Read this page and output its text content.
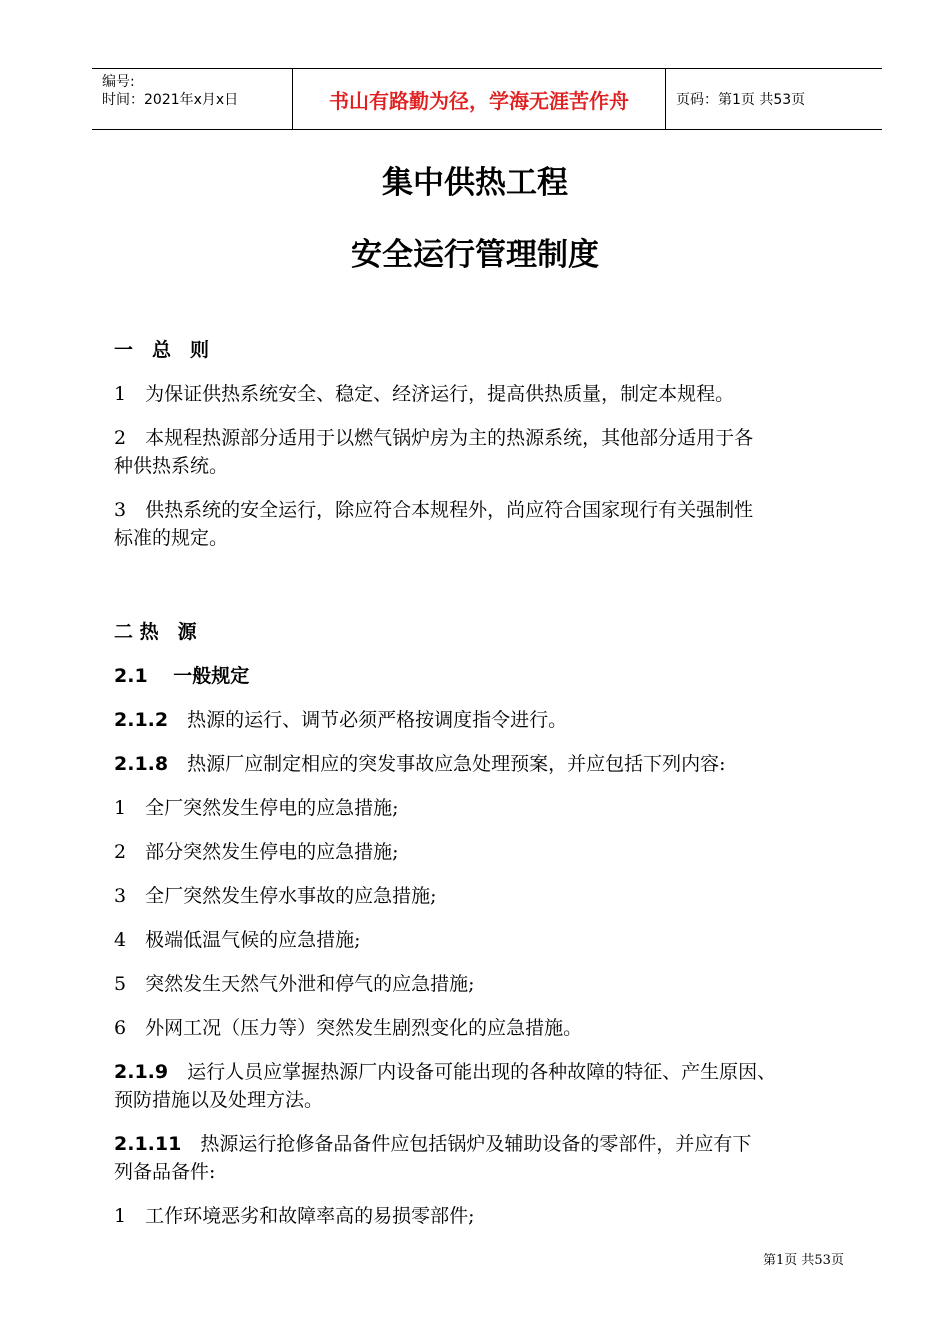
编号:
时间：2021年x月x日	书山有路勤为径，学海无涯苦作舟	页码：第1页 共53页
集中供热工程
安全运行管理制度

一　总　则

1　为保证供热系统安全、稳定、经济运行，提高供热质量，制定本规程。

2　本规程热源部分适用于以燃气锅炉房为主的热源系统，其他部分适用于各

种供热系统。

3　供热系统的安全运行，除应符合本规程外，尚应符合国家现行有关强制性

标准的规定。

二 热　源

2.1　 一般规定

2.1.2　热源的运行、调节必须严格按调度指令进行。

2.1.8　热源厂应制定相应的突发事故应急处理预案，并应包括下列内容:

1　全厂突然发生停电的应急措施;

2　部分突然发生停电的应急措施;

3　全厂突然发生停水事故的应急措施;

4　极端低温气候的应急措施;

5　突然发生天然气外泄和停气的应急措施;

6　外网工况（压力等）突然发生剧烈变化的应急措施。

2.1.9　运行人员应掌握热源厂内设备可能出现的各种故障的特征、产生原因、

预防措施以及处理方法。

2.1.11　热源运行抢修备品备件应包括锅炉及辅助设备的零部件，并应有下

列备品备件:

1　工作环境恶劣和故障率高的易损零部件;

第1页 共53页
